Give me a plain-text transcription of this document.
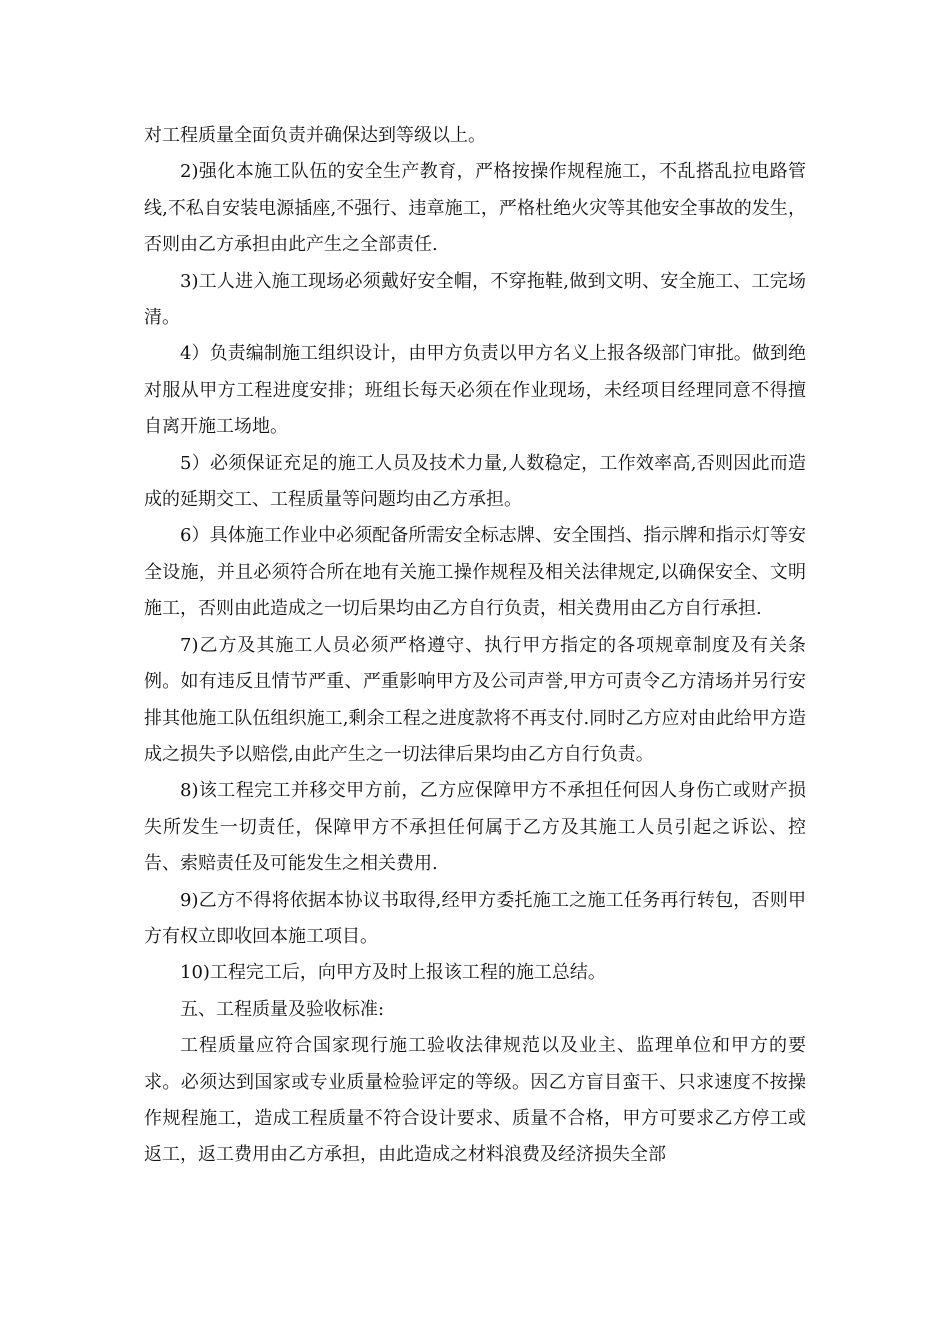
对工程质量全面负责并确保达到等级以上。

2)强化本施工队伍的安全生产教育，严格按操作规程施工，不乱搭乱拉电路管线,不私自安装电源插座,不强行、违章施工，严格杜绝火灾等其他安全事故的发生，否则由乙方承担由此产生之全部责任.

3)工人进入施工现场必须戴好安全帽，不穿拖鞋,做到文明、安全施工、工完场清。

4）负责编制施工组织设计，由甲方负责以甲方名义上报各级部门审批。做到绝对服从甲方工程进度安排；班组长每天必须在作业现场，未经项目经理同意不得擅自离开施工场地。

5）必须保证充足的施工人员及技术力量,人数稳定，工作效率高,否则因此而造成的延期交工、工程质量等问题均由乙方承担。

6）具体施工作业中必须配备所需安全标志牌、安全围挡、指示牌和指示灯等安全设施，并且必须符合所在地有关施工操作规程及相关法律规定,以确保安全、文明施工，否则由此造成之一切后果均由乙方自行负责，相关费用由乙方自行承担.

7)乙方及其施工人员必须严格遵守、执行甲方指定的各项规章制度及有关条例。如有违反且情节严重、严重影响甲方及公司声誉,甲方可责令乙方清场并另行安排其他施工队伍组织施工,剩余工程之进度款将不再支付.同时乙方应对由此给甲方造成之损失予以赔偿,由此产生之一切法律后果均由乙方自行负责。

8)该工程完工并移交甲方前，乙方应保障甲方不承担任何因人身伤亡或财产损失所发生一切责任，保障甲方不承担任何属于乙方及其施工人员引起之诉讼、控告、索赔责任及可能发生之相关费用.

9)乙方不得将依据本协议书取得,经甲方委托施工之施工任务再行转包，否则甲方有权立即收回本施工项目。

10)工程完工后，向甲方及时上报该工程的施工总结。

五、工程质量及验收标准:

工程质量应符合国家现行施工验收法律规范以及业主、监理单位和甲方的要求。必须达到国家或专业质量检验评定的等级。因乙方盲目蛮干、只求速度不按操作规程施工，造成工程质量不符合设计要求、质量不合格，甲方可要求乙方停工或返工，返工费用由乙方承担，由此造成之材料浪费及经济损失全部
